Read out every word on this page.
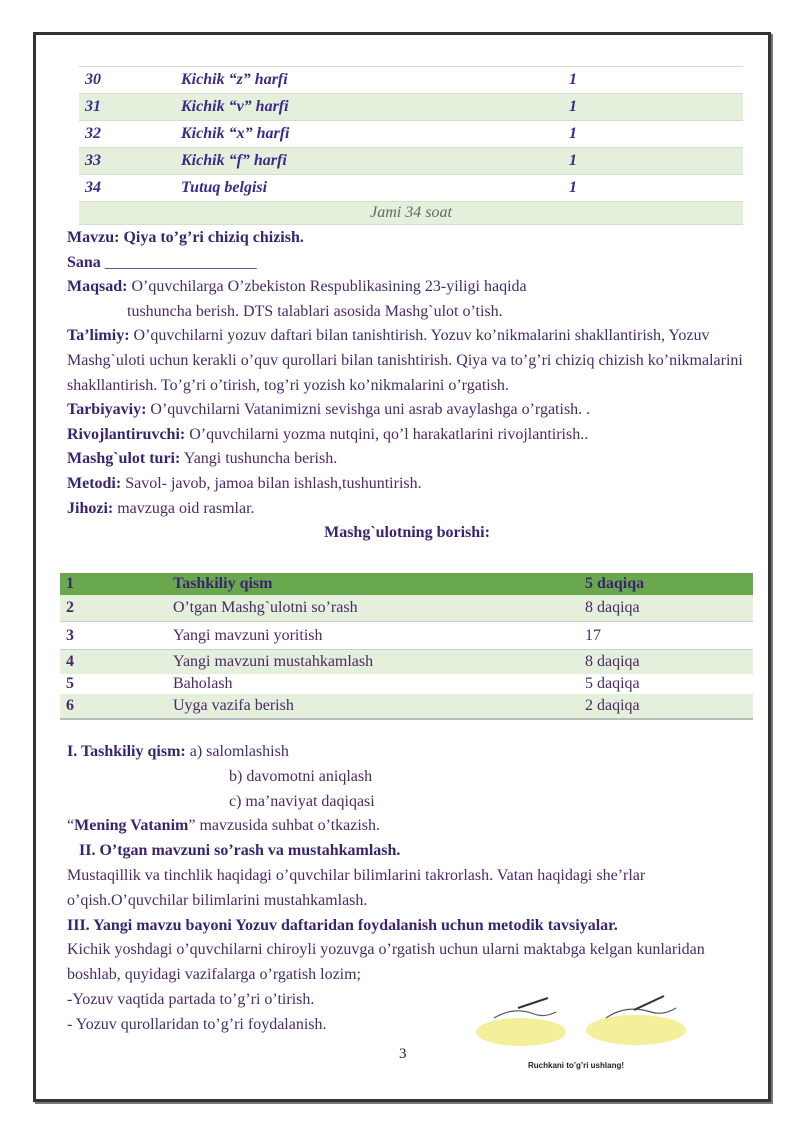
30	Kichik “z” harfi	1
31	Kichik “v” harfi	1
32	Kichik “x” harfi	1
33	Kichik “f” harfi	1
34	Tutuq belgisi	1
Jami 34 soat		

Mavzu: Qiya to’g’ri chiziq chizish.

Sana ___________________

Maqsad: O’quvchilarga O’zbekiston Respublikasining 23-yiligi haqida

tushuncha berish. DTS talablari asosida Mashg`ulot o’tish.

Ta’limiy: O’quvchilarni yozuv daftari bilan tanishtirish. Yozuv ko’nikmalarini shakllantirish, Yozuv Mashg`uloti uchun kerakli o’quv qurollari bilan tanishtirish. Qiya va to’g’ri chiziq chizish ko’nikmalarini shakllantirish. To’g’ri o’tirish, tog’ri yozish ko’nikmalarini o’rgatish.

Tarbiyaviy: O’quvchilarni Vatanimizni sevishga uni asrab avaylashga o’rgatish. .

Rivojlantiruvchi: O’quvchilarni yozma nutqini, qo’l harakatlarini rivojlantirish..

Mashg`ulot turi: Yangi tushuncha berish.

Metodi: Savol- javob, jamoa bilan ishlash,tushuntirish.

Jihozi: mavzuga oid rasmlar.

Mashg`ulotning borishi:

1	Tashkiliy qism	5 daqiqa
2	O’tgan Mashg`ulotni so’rash	8 daqiqa
3	Yangi mavzuni yoritish	17
4	Yangi mavzuni mustahkamlash	8 daqiqa
5	Baholash	5 daqiqa
6	Uyga vazifa berish	2 daqiqa

I. Tashkiliy qism: a) salomlashish

b) davomotni aniqlash

c) ma’naviyat daqiqasi

“Mening Vatanim” mavzusida suhbat o’tkazish.

II. O’tgan mavzuni so’rash va mustahkamlash.

Mustaqillik va tinchlik haqidagi o’quvchilar bilimlarini takrorlash. Vatan haqidagi she’rlar o’qish.O’quvchilar bilimlarini mustahkamlash.

III. Yangi mavzu bayoni Yozuv daftaridan foydalanish uchun metodik tavsiyalar.

Kichik yoshdagi o’quvchilarni chiroyli yozuvga o’rgatish uchun ularni maktabga kelgan kunlaridan boshlab, quyidagi vazifalarga o’rgatish lozim;

-Yozuv vaqtida partada to’g’ri o’tirish.

- Yozuv qurollaridan to’g’ri foydalanish.

Ruchkani to’g’ri ushlang!
3
